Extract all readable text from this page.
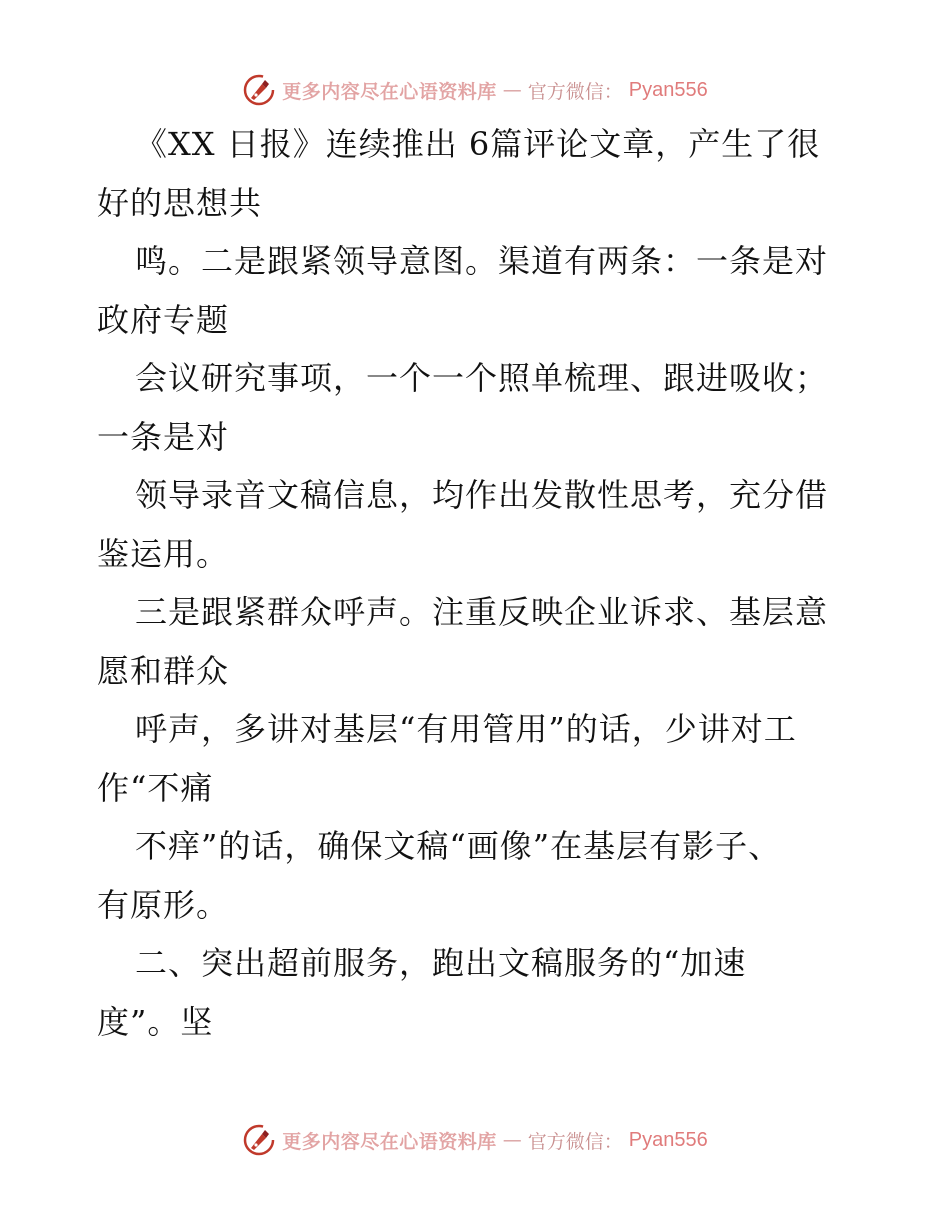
更多内容尽在心语资料库 — 官方微信： Pyan556
《XX 日报》连续推出 6篇评论文章，产生了很
好的思想共
鸣。二是跟紧领导意图。渠道有两条：一条是对
政府专题
会议研究事项，一个一个照单梳理、跟进吸收；
一条是对
领导录音文稿信息，均作出发散性思考，充分借
鉴运用。
三是跟紧群众呼声。注重反映企业诉求、基层意
愿和群众
呼声，多讲对基层“有用管用”的话，少讲对工
作“不痛
不痒”的话，确保文稿“画像”在基层有影子、
有原形。
二、突出超前服务，跑出文稿服务的“加速
度”。坚
更多内容尽在心语资料库 — 官方微信： Pyan556
